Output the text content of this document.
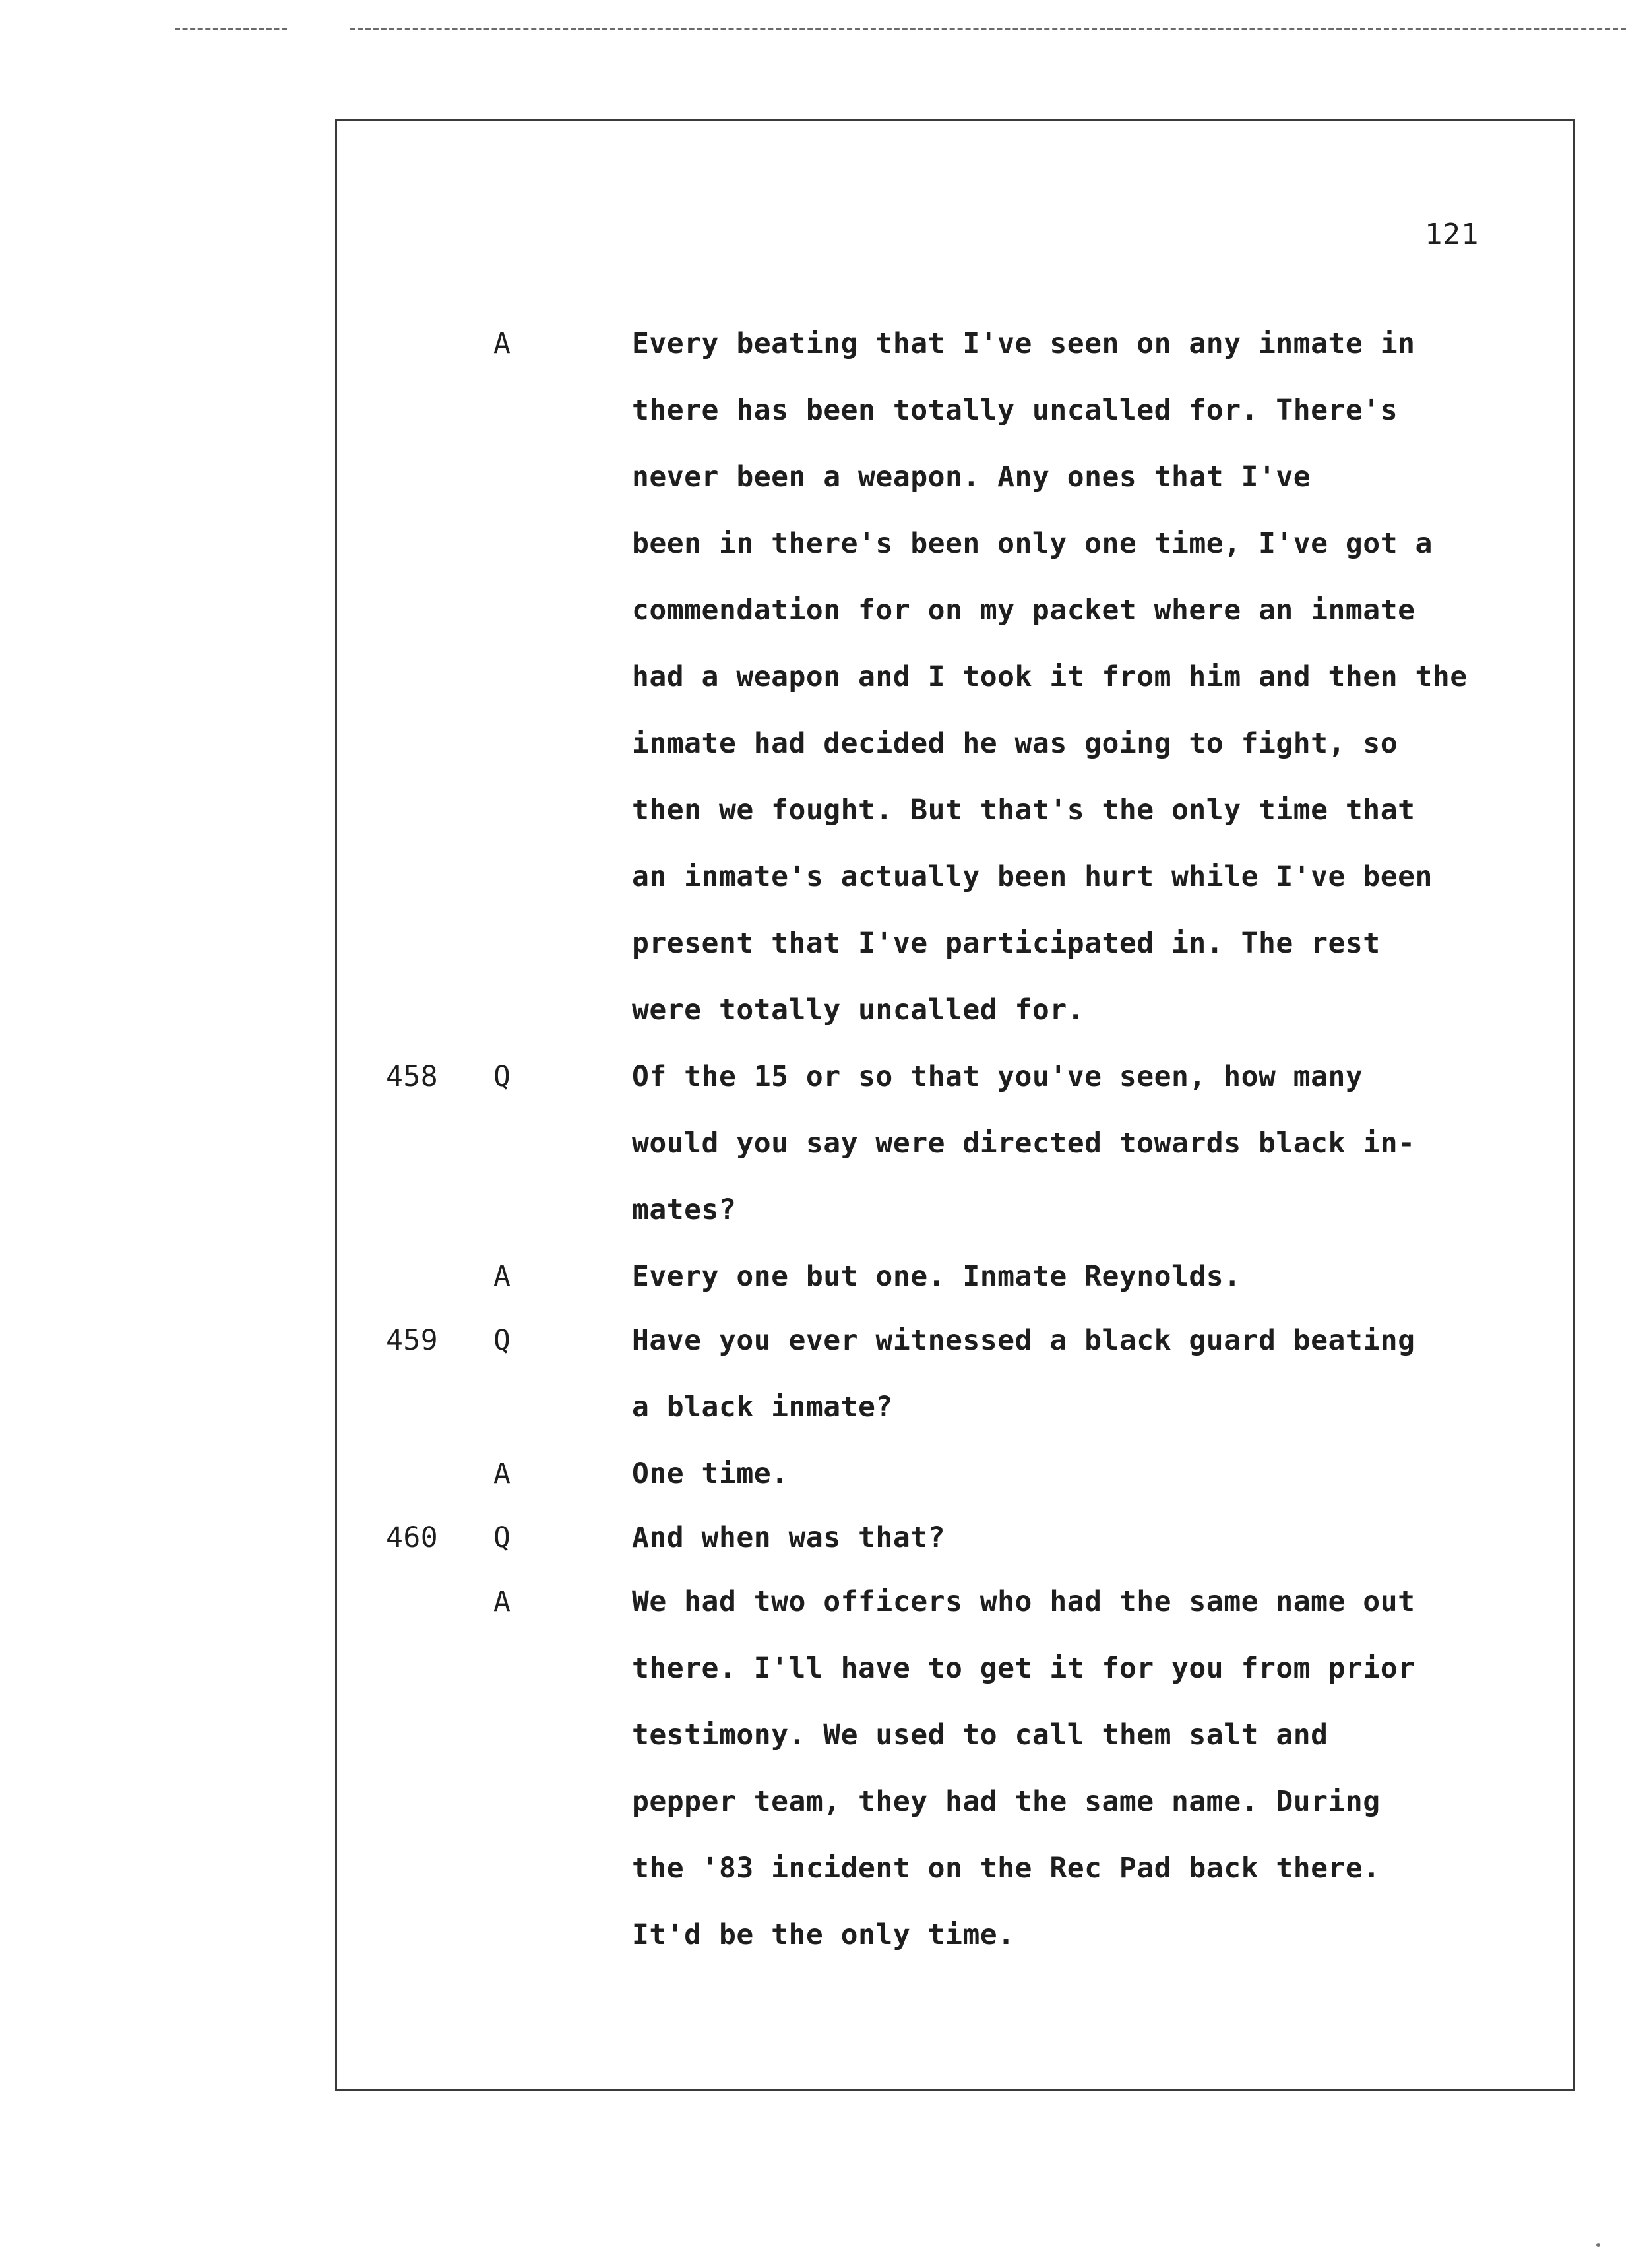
121
A	Every beating that I've seen on any inmate in
there has been totally uncalled for. There's
never been a weapon. Any ones that I've
been in there's been only one time, I've got a
commendation for on my packet where an inmate
had a weapon and I took it from him and then the
inmate had decided he was going to fight, so
then we fought. But that's the only time that
an inmate's actually been hurt while I've been
present that I've participated in. The rest
were totally uncalled for.
458 Q	Of the 15 or so that you've seen, how many
would you say were directed towards black in-
mates?
A	Every one but one. Inmate Reynolds.
459 Q	Have you ever witnessed a black guard beating
a black inmate?
A	One time.
460 Q	And when was that?
A	We had two officers who had the same name out
there. I'll have to get it for you from prior
testimony. We used to call them salt and
pepper team, they had the same name. During
the '83 incident on the Rec Pad back there.
It'd be the only time.
